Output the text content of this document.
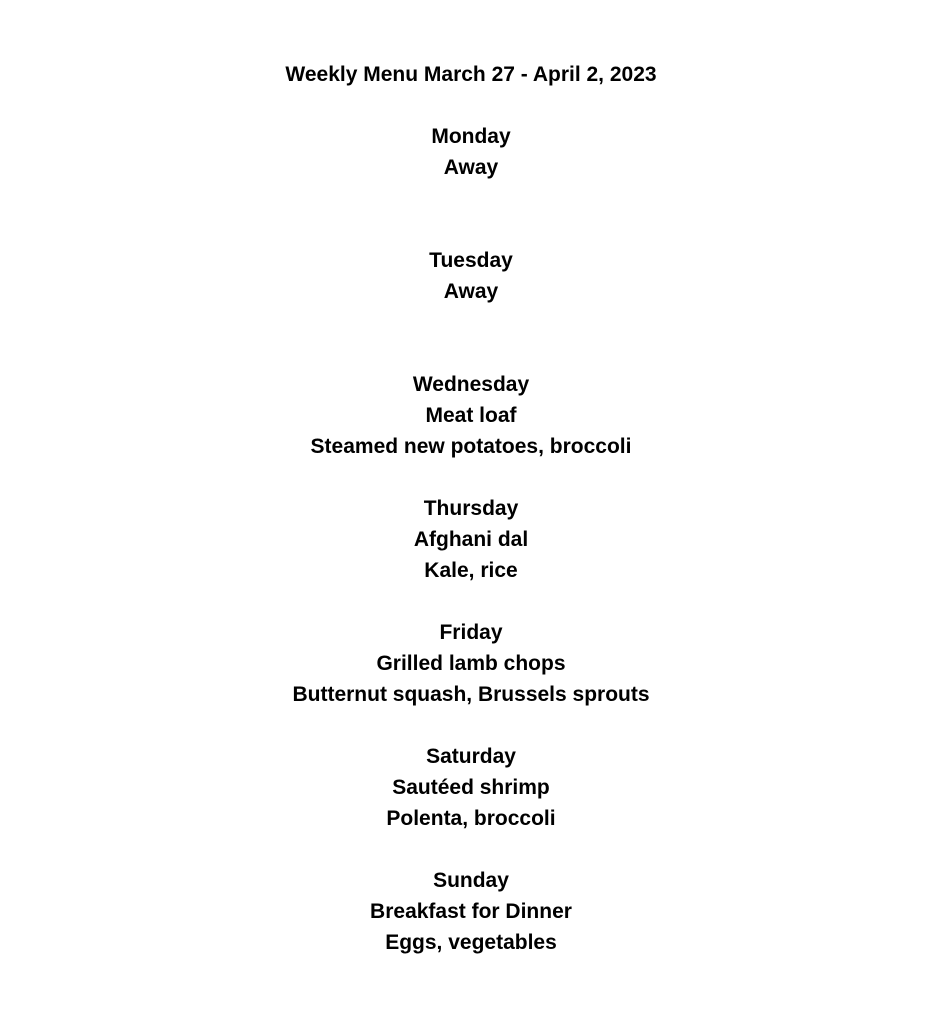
Weekly Menu March 27 - April 2, 2023
Monday
Away
Tuesday
Away
Wednesday
Meat loaf
Steamed new potatoes, broccoli
Thursday
Afghani dal
Kale, rice
Friday
Grilled lamb chops
Butternut squash, Brussels sprouts
Saturday
Sautéed shrimp
Polenta, broccoli
Sunday
Breakfast for Dinner
Eggs, vegetables
